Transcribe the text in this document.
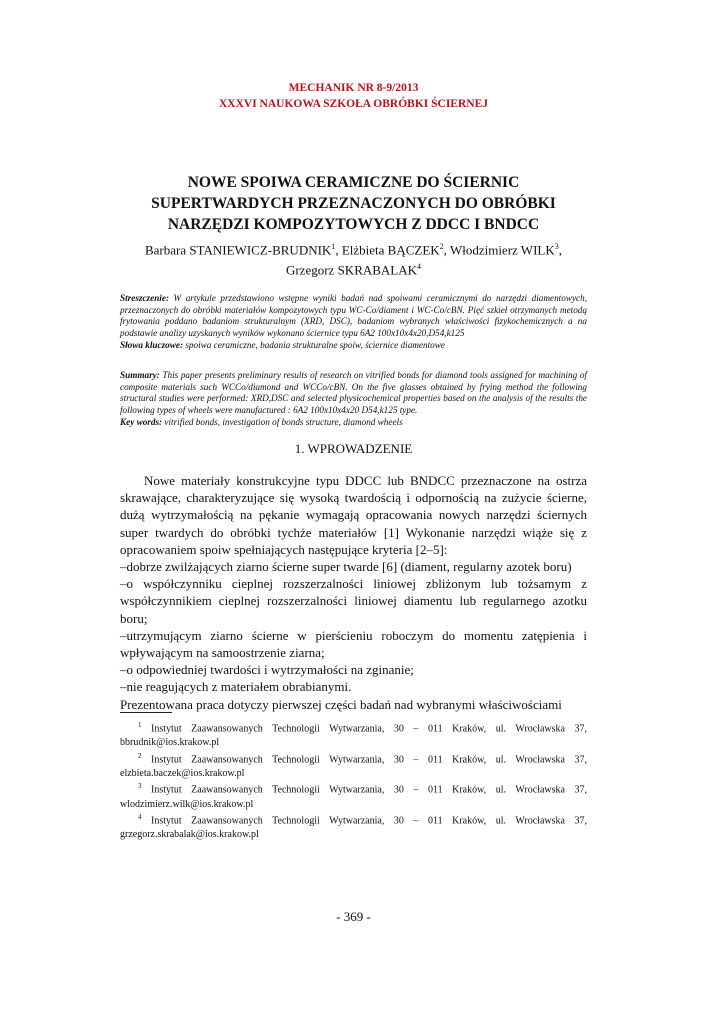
MECHANIK NR 8-9/2013
XXXVI NAUKOWA SZKOŁA OBRÓBKI ŚCIERNEJ
NOWE SPOIWA CERAMICZNE DO ŚCIERNIC
SUPERTWARDYCH PRZEZNACZONYCH DO OBRÓBKI
NARZĘDZI KOMPOZYTOWYCH Z DDCC I BNDCC
Barbara STANIEWICZ-BRUDNIK$^1$, Elżbieta BĄCZEK$^2$, Włodzimierz WILK$^3$,
Grzegorz SKRABALAK$^4$
Streszczenie: W artykule przedstawiono wstępne wyniki badań nad spoiwami ceramicznymi do narzędzi diamentowych, przeznaczonych do obróbki materiałów kompozytowych typu WC-Co/diament i WC-Co/cBN. Pięć szkieł otrzymanych metodą frytowania poddano badaniom strukturalnym (XRD, DSC), badaniom wybranych właściwości fizykochemicznych a na podstawie analizy uzyskanych wyników wykonano ściernice typu 6A2 100x10x4x20,D54,k125
Słowa kluczowe: spoiwa ceramiczne, badania strukturalne spoiw, ściernice diamentowe
Summary: This paper presents preliminary results of research on vitrified bonds for diamond tools assigned for machining of composite materials such WCCo/diamond and WCCo/cBN. On the five glasses obtained by frying method the following structural studies were performed: XRD,DSC and selected physicochemical properties based on the analysis of the results the following types of wheels were manufactured : 6A2 100x10x4x20 D54,k125 type.
Key words: vitrified bonds, investigation of bonds structure, diamond wheels
1. WPROWADZENIE

Nowe materiały konstrukcyjne typu DDCC lub BNDCC przeznaczone na ostrza skrawające, charakteryzujące się wysoką twardością i odpornością na zużycie ścierne, dużą wytrzymałością na pękanie wymagają opracowania nowych narzędzi ściernych super twardych do obróbki tychże materiałów [1] Wykonanie narzędzi wiąże się z opracowaniem spoiw spełniających następujące kryteria [2–5]:

–dobrze zwilżających ziarno ścierne super twarde [6] (diament, regularny azotek boru)

–o współczynniku cieplnej rozszerzalności liniowej zbliżonym lub tożsamym z współczynnikiem cieplnej rozszerzalności liniowej diamentu lub regularnego azotku boru;

–utrzymującym ziarno ścierne w pierścieniu roboczym do momentu zatępienia i wpływającym na samoostrzenie ziarna;

–o odpowiedniej twardości i wytrzymałości na zginanie;

–nie reagujących z materiałem obrabianymi.

Prezentowana praca dotyczy pierwszej części badań nad wybranymi właściwościami

$^1$ Instytut Zaawansowanych Technologii Wytwarzania, 30 – 011 Kraków, ul. Wrocławska 37, bbrudnik@ios.krakow.pl

$^2$ Instytut Zaawansowanych Technologii Wytwarzania, 30 – 011 Kraków, ul. Wrocławska 37, elzbieta.baczek@ios.krakow.pl

$^3$ Instytut Zaawansowanych Technologii Wytwarzania, 30 – 011 Kraków, ul. Wrocławska 37, wlodzimierz.wilk@ios.krakow.pl

$^4$ Instytut Zaawansowanych Technologii Wytwarzania, 30 – 011 Kraków, ul. Wrocławska 37, grzegorz.skrabalak@ios.krakow.pl

- 369 -
